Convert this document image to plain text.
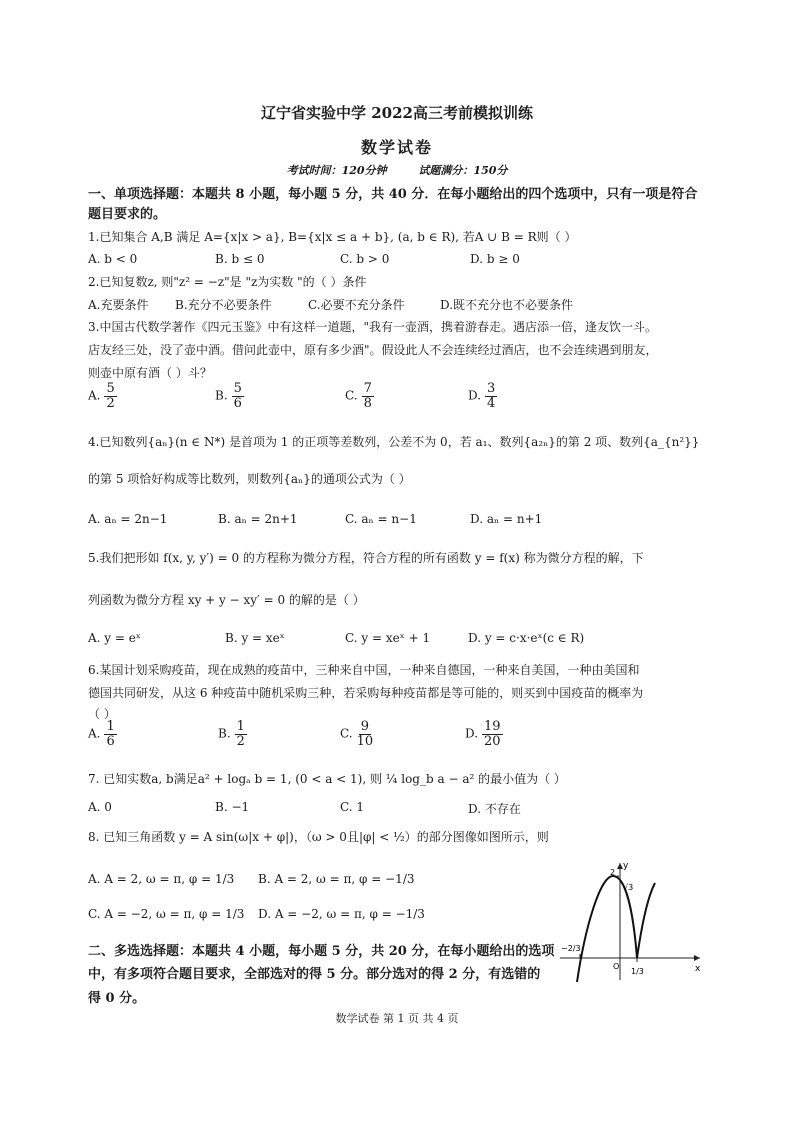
辽宁省实验中学 2022高三考前模拟训练
数学试卷
考试时间：120分钟	试题满分：150分
一、单项选择题：本题共 8 小题，每小题 5 分，共 40 分．在每小题给出的四个选项中，只有一项是符合
题目要求的。
1.已知集合 A,B 满足 A={x|x > a}, B={x|x ≤ a + b}, (a, b ∈ R), 若A ∪ B = R则（ ）
A. b < 0	B. b ≤ 0	C. b > 0	D. b ≥ 0
2.已知复数z, 则"z² = −z"是 "z为实数 "的（ ）条件
A.充要条件 B.充分不必要条件	C.必要不充分条件	D.既不充分也不必要条件
3.中国古代数学著作《四元玉鉴》中有这样一道题，"我有一壶酒，携着游春走。遇店添一倍，逢友饮一斗。
店友经三处，没了壶中酒。借问此壶中，原有多少酒"。假设此人不会连续经过酒店，也不会连续遇到朋友，
则壶中原有酒（ ）斗？
A. $\frac{5}{2}$	B. $\frac{5}{6}$	C. $\frac{7}{8}$	D. $\frac{3}{4}$
4.已知数列{aₙ}(n ∈ N*) 是首项为 1 的正项等差数列，公差不为 0，若 a₁、数列{a₂ₙ}的第 2 项、数列{a_{n²}}
的第 5 项恰好构成等比数列，则数列{aₙ}的通项公式为（ ）
A. aₙ = 2n−1	B. aₙ = 2n+1	C. aₙ = n−1	D. aₙ = n+1
5.我们把形如 f(x, y, y′) = 0 的方程称为微分方程，符合方程的所有函数 y = f(x) 称为微分方程的解，下
列函数为微分方程 xy + y − xy′ = 0 的解的是（ ）
A. y = eˣ	B. y = xeˣ	C. y = xeˣ + 1	D. y = c·x·eˣ(c ∈ R)
6.某国计划采购疫苗，现在成熟的疫苗中，三种来自中国，一种来自德国，一种来自美国，一种由美国和
德国共同研发，从这 6 种疫苗中随机采购三种，若采购每种疫苗都是等可能的，则买到中国疫苗的概率为
（ ）
A. $\frac{1}{6}$	B. $\frac{1}{2}$	C. $\frac{9}{10}$	D. $\frac{19}{20}$
7. 已知实数a, b满足a² + logₐ b = 1, (0 < a < 1), 则 ¼ log_b a − a² 的最小值为（ ）
A. 0	B. −1	C. 1	D. 不存在
8. 已知三角函数 y = A sin(ω|x + φ|)，（ω > 0且|φ| < ½）的部分图像如图所示，则
A. A = 2, ω = π, φ = 1/3 B. A = 2, ω = π, φ = −1/3
C. A = −2, ω = π, φ = 1/3 D. A = −2, ω = π, φ = −1/3
y
x
O
2
√3
−2/3
1/3
二、多选选择题：本题共 4 小题，每小题 5 分，共 20 分，在每小题给出的选项
中，有多项符合题目要求，全部选对的得 5 分。部分选对的得 2 分，有选错的
得 0 分。
数学试卷 第 1 页 共 4 页
